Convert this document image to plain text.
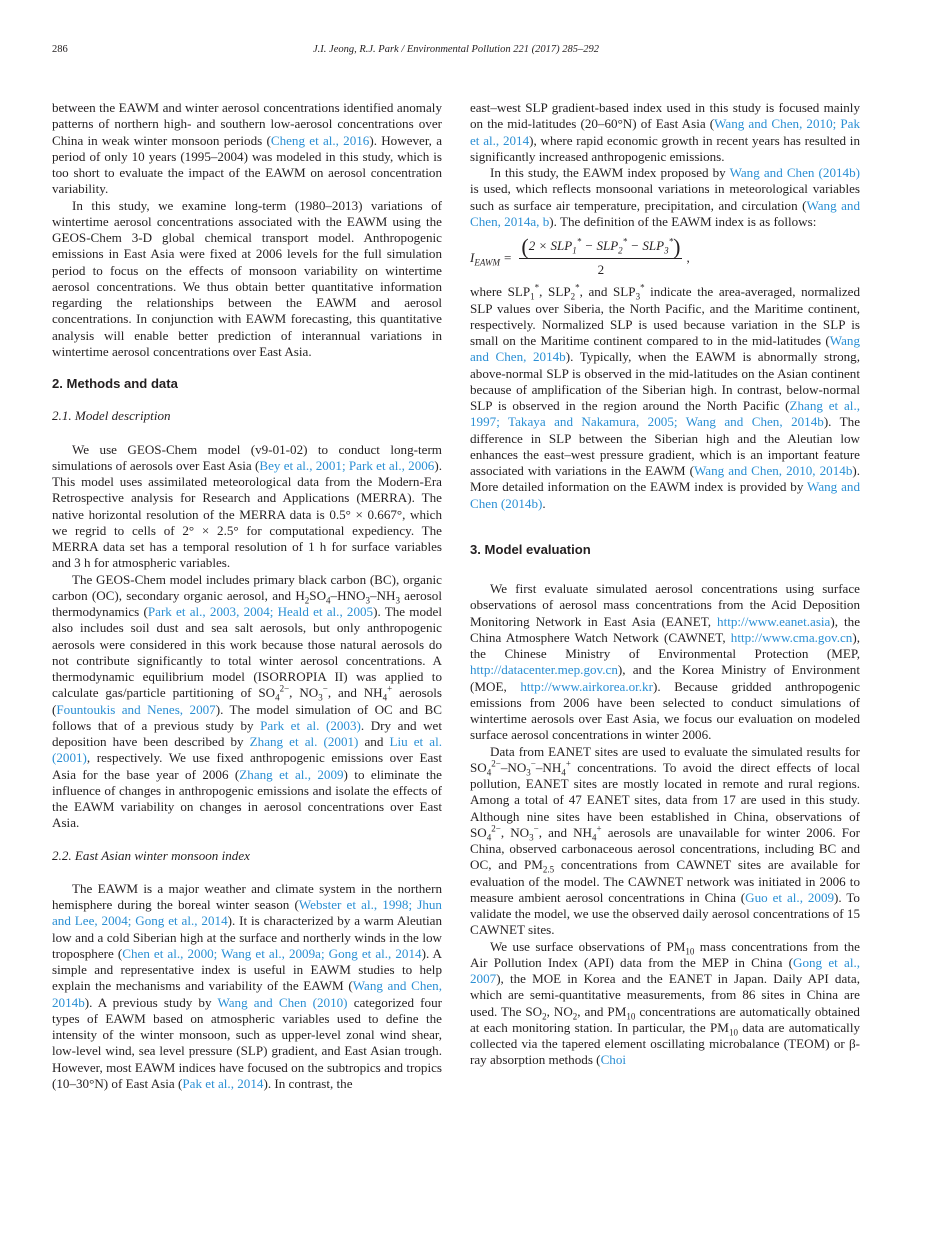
286	J.I. Jeong, R.J. Park / Environmental Pollution 221 (2017) 285–292

between the EAWM and winter aerosol concentrations identified anomaly patterns of northern high- and southern low-aerosol concentrations over China in weak winter monsoon periods (Cheng et al., 2016). However, a period of only 10 years (1995–2004) was modeled in this study, which is too short to evaluate the impact of the EAWM on aerosol concentration variability.

In this study, we examine long-term (1980–2013) variations of wintertime aerosol concentrations associated with the EAWM using the GEOS-Chem 3-D global chemical transport model. Anthropogenic emissions in East Asia were fixed at 2006 levels for the full simulation period to focus on the effects of monsoon variability on wintertime aerosol concentrations. We thus obtain better quantitative information regarding the relationships between the EAWM and aerosol concentrations. In conjunction with EAWM forecasting, this quantitative analysis will enable better prediction of interannual variations in wintertime aerosol concentrations over East Asia.

2. Methods and data
2.1. Model description

We use GEOS-Chem model (v9-01-02) to conduct long-term simulations of aerosols over East Asia (Bey et al., 2001; Park et al., 2006). This model uses assimilated meteorological data from the Modern-Era Retrospective analysis for Research and Applications (MERRA). The native horizontal resolution of the MERRA data is 0.5° × 0.667°, which we regrid to cells of 2° × 2.5° for computational expediency. The MERRA data set has a temporal resolution of 1 h for surface variables and 3 h for atmospheric variables.

The GEOS-Chem model includes primary black carbon (BC), organic carbon (OC), secondary organic aerosol, and $H_2SO_4-HNO_3-NH_3$ aerosol thermodynamics (Park et al., 2003, 2004; Heald et al., 2005). The model also includes soil dust and sea salt aerosols, but only anthropogenic aerosols were considered in this work because those natural aerosols do not contribute significantly to total winter aerosol concentrations. A thermodynamic equilibrium model (ISORROPIA II) was applied to calculate gas/particle partitioning of $SO_4^{2-}$, $NO_3^-$, and $NH_4^+$ aerosols (Fountoukis and Nenes, 2007). The model simulation of OC and BC follows that of a previous study by Park et al. (2003). Dry and wet deposition have been described by Zhang et al. (2001) and Liu et al. (2001), respectively. We use fixed anthropogenic emissions over East Asia for the base year of 2006 (Zhang et al., 2009) to eliminate the influence of changes in anthropogenic emissions and isolate the effects of the EAWM variability on changes in aerosol concentrations over East Asia.

2.2. East Asian winter monsoon index

The EAWM is a major weather and climate system in the northern hemisphere during the boreal winter season (Webster et al., 1998; Jhun and Lee, 2004; Gong et al., 2014). It is characterized by a warm Aleutian low and a cold Siberian high at the surface and northerly winds in the low troposphere (Chen et al., 2000; Wang et al., 2009a; Gong et al., 2014). A simple and representative index is useful in EAWM studies to help explain the mechanisms and variability of the EAWM (Wang and Chen, 2014b). A previous study by Wang and Chen (2010) categorized four types of EAWM based on atmospheric variables used to define the intensity of the winter monsoon, such as upper-level zonal wind shear, low-level wind, sea level pressure (SLP) gradient, and East Asian trough. However, most EAWM indices have focused on the subtropics and tropics (10–30°N) of East Asia (Pak et al., 2014). In contrast, the

east–west SLP gradient-based index used in this study is focused mainly on the mid-latitudes (20–60°N) of East Asia (Wang and Chen, 2010; Pak et al., 2014), where rapid economic growth in recent years has resulted in significantly increased anthropogenic emissions.

In this study, the EAWM index proposed by Wang and Chen (2014b) is used, which reflects monsoonal variations in meteorological variables such as surface air temperature, precipitation, and circulation (Wang and Chen, 2014a, b). The definition of the EAWM index is as follows:

$I_{EAWM} = \frac{(2 \times SLP_1^* - SLP_2^* - SLP_3^*)}{2}$ ,

where $SLP_1^*$, $SLP_2^*$, and $SLP_3^*$ indicate the area-averaged, normalized SLP values over Siberia, the North Pacific, and the Maritime continent, respectively. Normalized SLP is used because variation in the SLP is small on the Maritime continent compared to in the mid-latitudes (Wang and Chen, 2014b). Typically, when the EAWM is abnormally strong, above-normal SLP is observed in the mid-latitudes on the Asian continent because of amplification of the Siberian high. In contrast, below-normal SLP is observed in the region around the North Pacific (Zhang et al., 1997; Takaya and Nakamura, 2005; Wang and Chen, 2014b). The difference in SLP between the Siberian high and the Aleutian low enhances the east–west pressure gradient, which is an important feature associated with variations in the EAWM (Wang and Chen, 2010, 2014b). More detailed information on the EAWM index is provided by Wang and Chen (2014b).

3. Model evaluation

We first evaluate simulated aerosol concentrations using surface observations of aerosol mass concentrations from the Acid Deposition Monitoring Network in East Asia (EANET, http://www.eanet.asia), the China Atmosphere Watch Network (CAWNET, http://www.cma.gov.cn), the Chinese Ministry of Environmental Protection (MEP, http://datacenter.mep.gov.cn), and the Korea Ministry of Environment (MOE, http://www.airkorea.or.kr). Because gridded anthropogenic emissions from 2006 have been selected to conduct simulations of wintertime aerosols over East Asia, we focus our evaluation on modeled surface aerosol concentrations in winter 2006.

Data from EANET sites are used to evaluate the simulated results for $SO_4^{2-}-NO_3^--NH_4^+$ concentrations. To avoid the direct effects of local pollution, EANET sites are mostly located in remote and rural regions. Among a total of 47 EANET sites, data from 17 are used in this study. Although nine sites have been established in China, observations of $SO_4^{2-}$, $NO_3^-$, and $NH_4^+$ aerosols are unavailable for winter 2006. For China, observed carbonaceous aerosol concentrations, including BC and OC, and $PM_{2.5}$ concentrations from CAWNET sites are available for evaluation of the model. The CAWNET network was initiated in 2006 to measure ambient aerosol concentrations in China (Guo et al., 2009). To validate the model, we use the observed daily aerosol concentrations of 15 CAWNET sites.

We use surface observations of $PM_{10}$ mass concentrations from the Air Pollution Index (API) data from the MEP in China (Gong et al., 2007), the MOE in Korea and the EANET in Japan. Daily API data, which are semi-quantitative measurements, from 86 sites in China are used. The $SO_2$, $NO_2$, and $PM_{10}$ concentrations are automatically obtained at each monitoring station. In particular, the $PM_{10}$ data are automatically collected via the tapered element oscillating microbalance (TEOM) or β-ray absorption methods (Choi
